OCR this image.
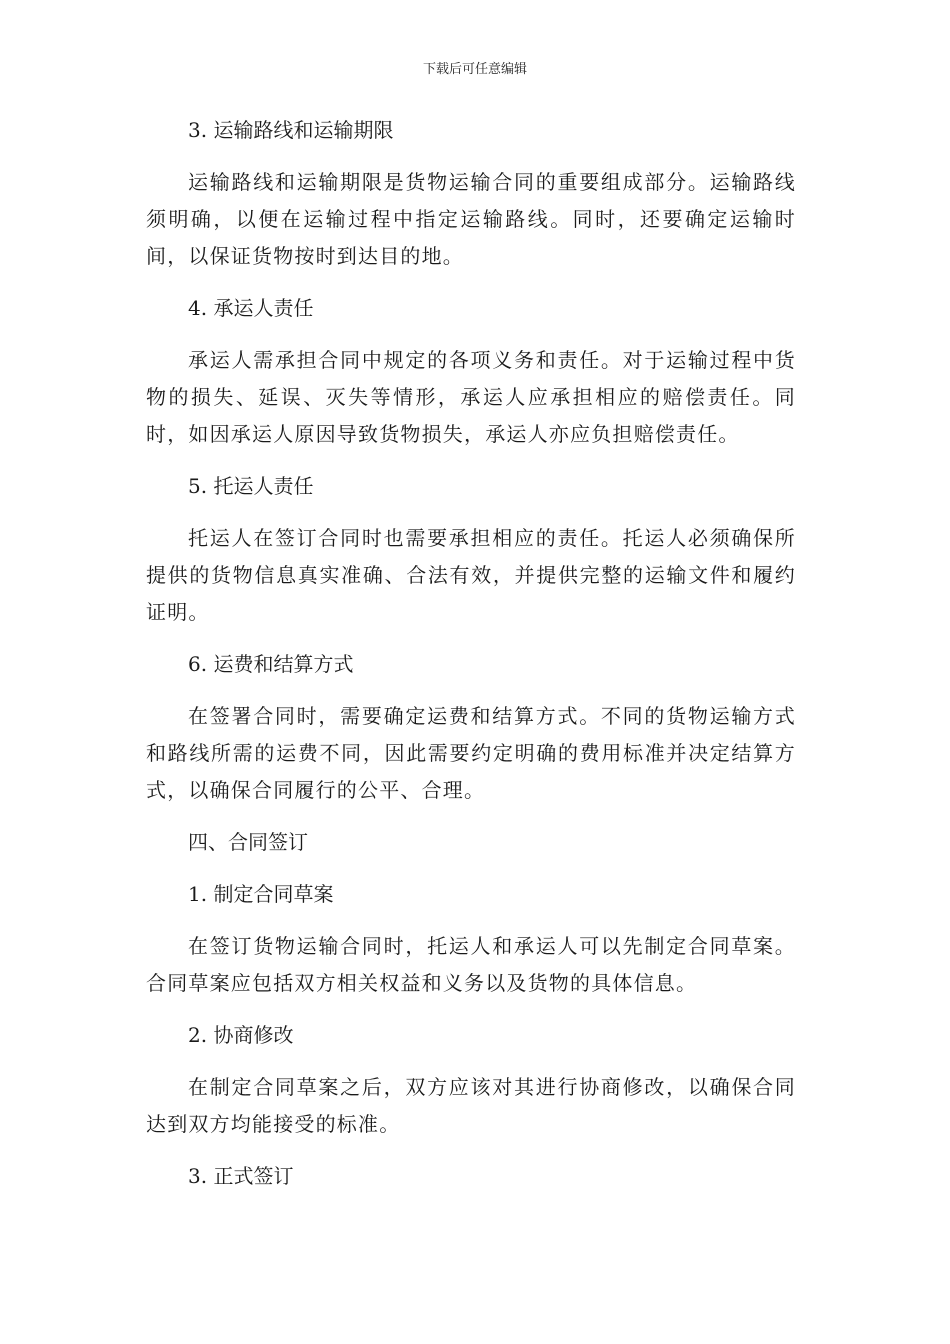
下载后可任意编辑
3. 运输路线和运输期限

运输路线和运输期限是货物运输合同的重要组成部分。运输路线须明确，以便在运输过程中指定运输路线。同时，还要确定运输时间，以保证货物按时到达目的地。

4. 承运人责任

承运人需承担合同中规定的各项义务和责任。对于运输过程中货物的损失、延误、灭失等情形，承运人应承担相应的赔偿责任。同时，如因承运人原因导致货物损失，承运人亦应负担赔偿责任。

5. 托运人责任

托运人在签订合同时也需要承担相应的责任。托运人必须确保所提供的货物信息真实准确、合法有效，并提供完整的运输文件和履约证明。

6. 运费和结算方式

在签署合同时，需要确定运费和结算方式。不同的货物运输方式和路线所需的运费不同，因此需要约定明确的费用标准并决定结算方式，以确保合同履行的公平、合理。

四、合同签订
1. 制定合同草案

在签订货物运输合同时，托运人和承运人可以先制定合同草案。合同草案应包括双方相关权益和义务以及货物的具体信息。

2. 协商修改

在制定合同草案之后，双方应该对其进行协商修改，以确保合同达到双方均能接受的标准。

3. 正式签订
